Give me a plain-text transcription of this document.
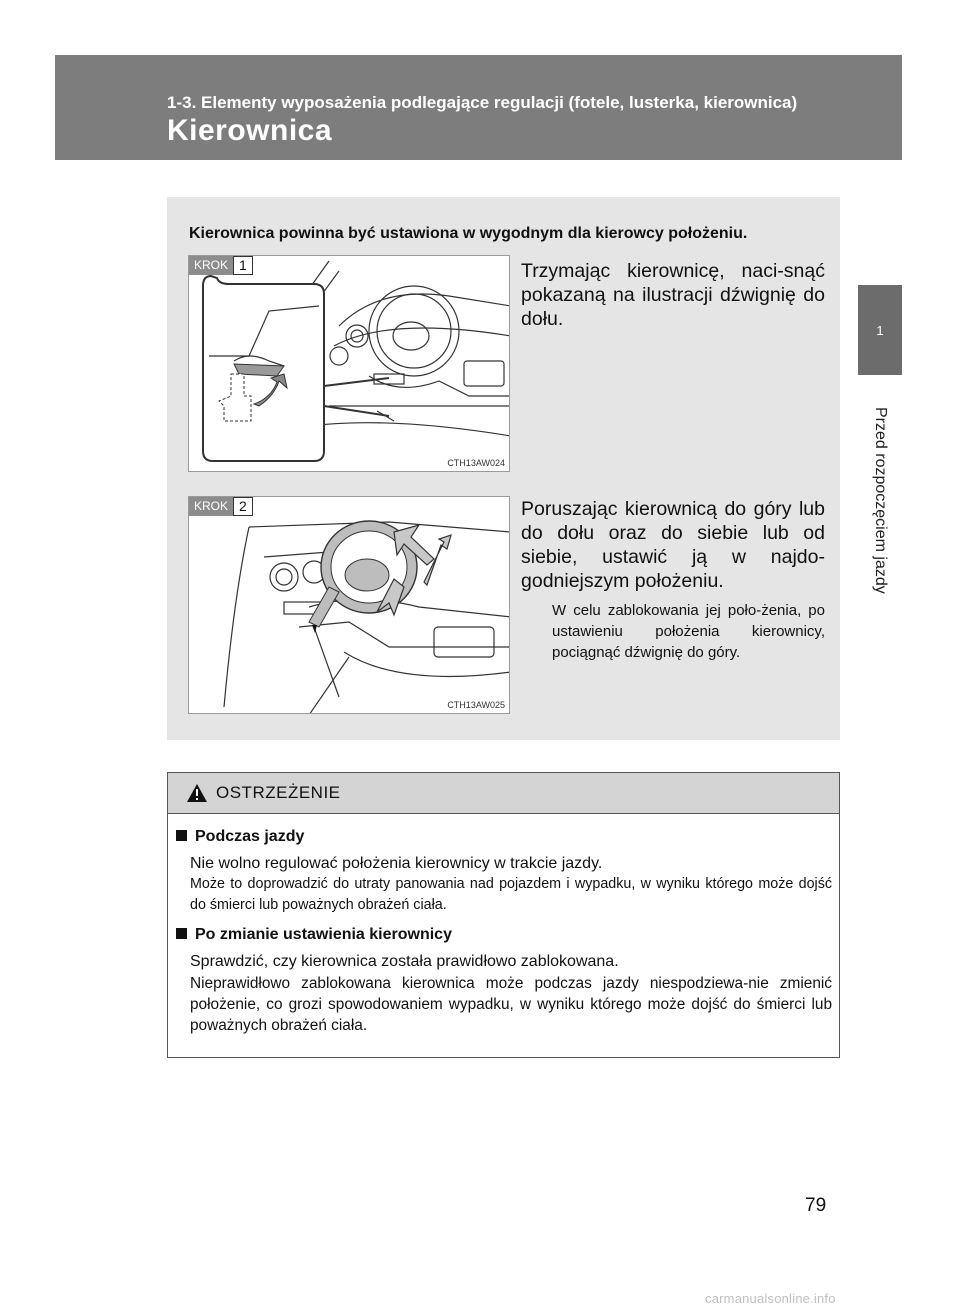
1-3. Elementy wyposażenia podlegające regulacji (fotele, lusterka, kierownica)
Kierownica
1
Przed rozpoczęciem jazdy
Kierownica powinna być ustawiona w wygodnym dla kierowcy położeniu.
KROK 1
CTH13AW024
Trzymając kierownicę, naci-snąć pokazaną na ilustracji dźwignię do dołu.
KROK 2
CTH13AW025
Poruszając kierownicą do góry lub do dołu oraz do siebie lub od siebie, ustawić ją w najdo-godniejszym położeniu.
W celu zablokowania jej poło-żenia, po ustawieniu położenia kierownicy, pociągnąć dźwignię do góry.
OSTRZEŻENIE
Podczas jazdy
Nie wolno regulować położenia kierownicy w trakcie jazdy.
Może to doprowadzić do utraty panowania nad pojazdem i wypadku, w wyniku którego może dojść do śmierci lub poważnych obrażeń ciała.
Po zmianie ustawienia kierownicy
Sprawdzić, czy kierownica została prawidłowo zablokowana.
Nieprawidłowo zablokowana kierownica może podczas jazdy niespodziewa-nie zmienić położenie, co grozi spowodowaniem wypadku, w wyniku którego może dojść do śmierci lub poważnych obrażeń ciała.
79
carmanualsonline.info
